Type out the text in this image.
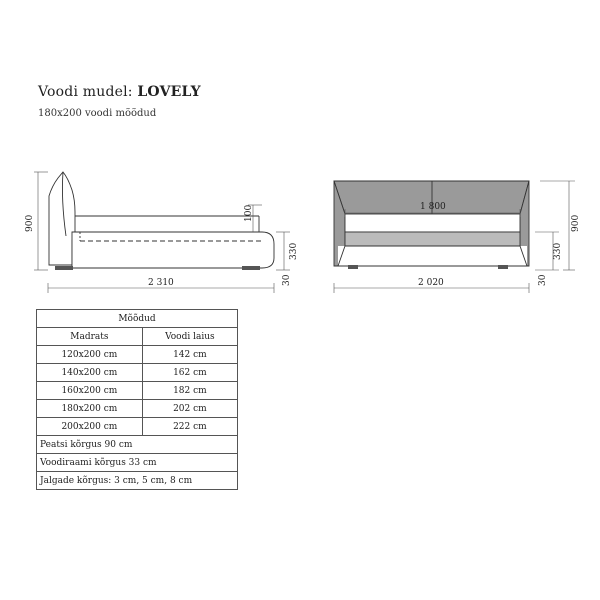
Voodi mudel: LOVELY
180x200 voodi mõõdud
900
100
330
30
2 310
1 800
900
330
30
2 020
Mõõdud	
Madrats	Voodi laius
120x200 cm	142 cm
140x200 cm	162 cm
160x200 cm	182 cm
180x200 cm	202 cm
200x200 cm	222 cm
Peatsi kõrgus 90 cm	
Voodiraami kõrgus 33 cm	
Jalgade kõrgus: 3 cm, 5 cm, 8 cm	
